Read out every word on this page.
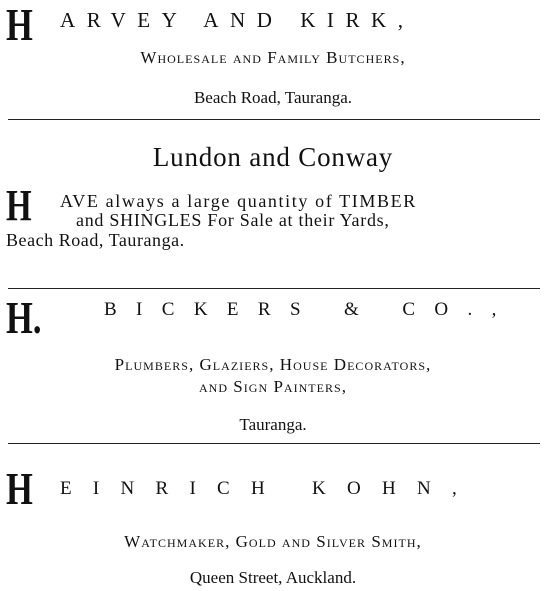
H ARVEY AND KIRK,
Wholesale and Family Butchers,
Beach Road, Tauranga.
Lundon and Conway
H AVE always a large quantity of TIMBER
and SHINGLES For Sale at their Yards,
Beach Road, Tauranga.
H.	BICKERS & CO.,
Plumbers, Glaziers, House Decorators,
and Sign Painters,
Tauranga.
H EINRICH KOHN,
Watchmaker, Gold and Silver Smith,
Queen Street, Auckland.
